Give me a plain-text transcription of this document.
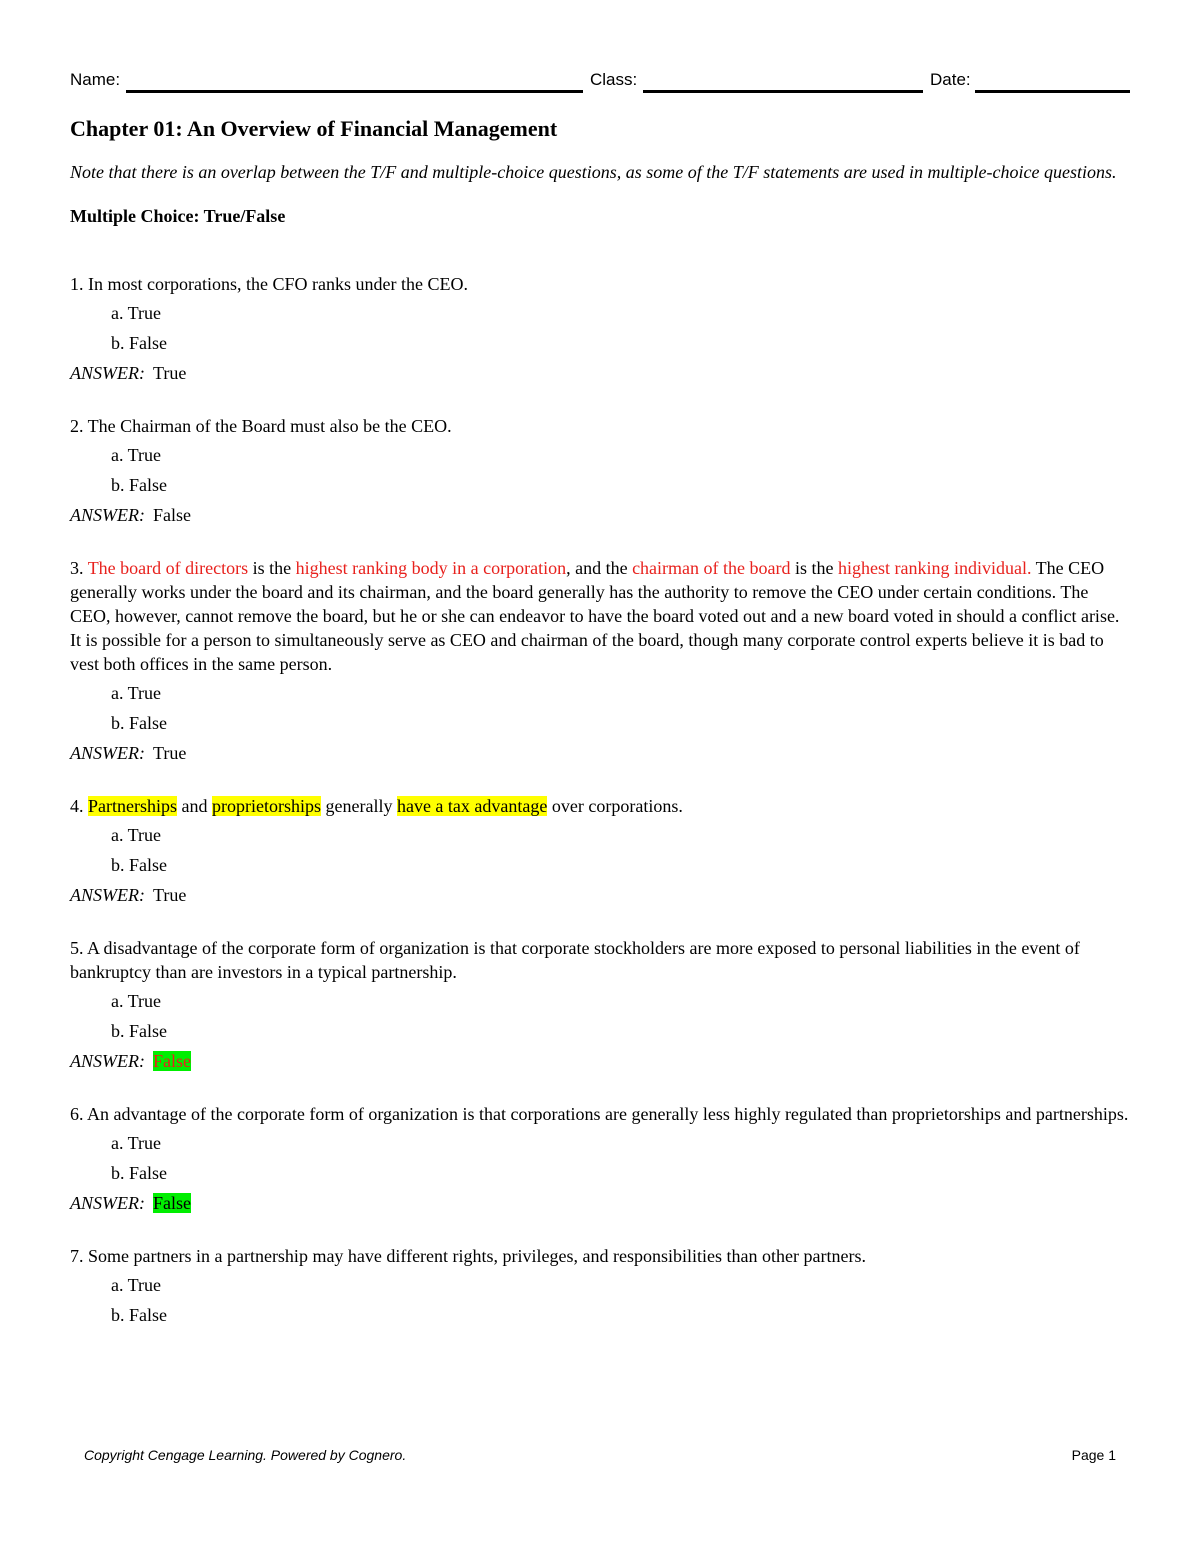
Name:	Class:	Date:
Chapter 01: An Overview of Financial Management

Note that there is an overlap between the T/F and multiple-choice questions, as some of the T/F statements are used in multiple-choice questions.

Multiple Choice: True/False

1. In most corporations, the CFO ranks under the CEO.

a. True

b. False

ANSWER: True

2. The Chairman of the Board must also be the CEO.

a. True

b. False

ANSWER: False

3. The board of directors is the highest ranking body in a corporation, and the chairman of the board is the highest ranking individual. The CEO generally works under the board and its chairman, and the board generally has the authority to remove the CEO under certain conditions. The CEO, however, cannot remove the board, but he or she can endeavor to have the board voted out and a new board voted in should a conflict arise. It is possible for a person to simultaneously serve as CEO and chairman of the board, though many corporate control experts believe it is bad to vest both offices in the same person.

a. True

b. False

ANSWER: True

4. Partnerships and proprietorships generally have a tax advantage over corporations.

a. True

b. False

ANSWER: True

5. A disadvantage of the corporate form of organization is that corporate stockholders are more exposed to personal liabilities in the event of bankruptcy than are investors in a typical partnership.

a. True

b. False

ANSWER: False

6. An advantage of the corporate form of organization is that corporations are generally less highly regulated than proprietorships and partnerships.

a. True

b. False

ANSWER: False

7. Some partners in a partnership may have different rights, privileges, and responsibilities than other partners.

a. True

b. False

Copyright Cengage Learning. Powered by Cognero.	Page 1
